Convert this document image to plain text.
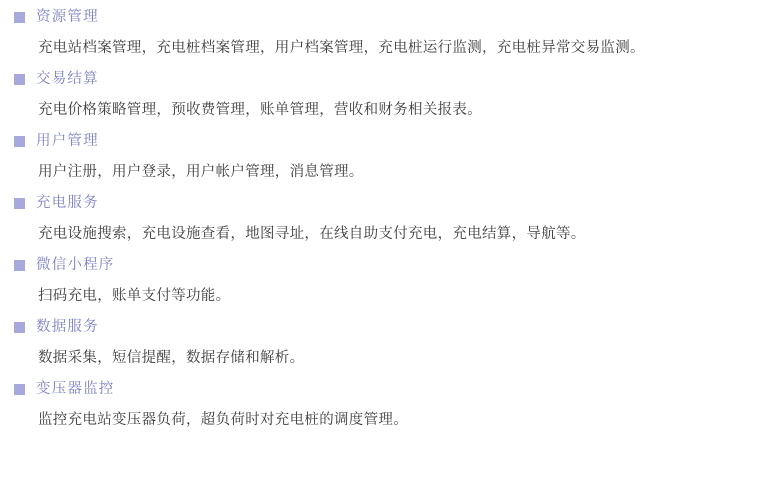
资源管理
充电站档案管理，充电桩档案管理，用户档案管理，充电桩运行监测，充电桩异常交易监测。
交易结算
充电价格策略管理，预收费管理，账单管理，营收和财务相关报表。
用户管理
用户注册，用户登录，用户帐户管理，消息管理。
充电服务
充电设施搜索，充电设施查看，地图寻址，在线自助支付充电，充电结算，导航等。
微信小程序
扫码充电，账单支付等功能。
数据服务
数据采集，短信提醒，数据存储和解析。
变压器监控
监控充电站变压器负荷，超负荷时对充电桩的调度管理。
